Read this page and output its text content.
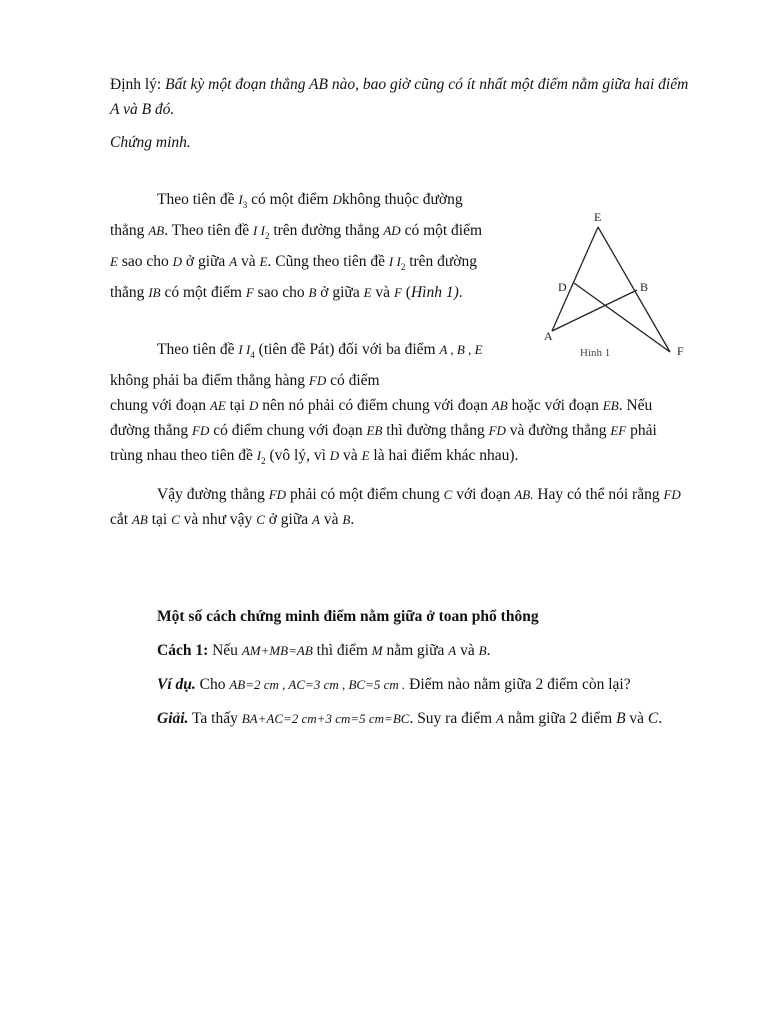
Định lý: Bất kỳ một đoạn thẳng AB nào, bao giờ cũng có ít nhất một điểm nằm giữa hai điểm A và B đó.

Chứng minh.

Theo tiên đề $I_3$ có một điểm Dkhông thuộc đường thẳng AB. Theo tiên đề I $I_2$ trên đường thẳng AD có một điểm E sao cho D ở giữa A và E. Cũng theo tiên đề I $I_2$ trên đường thẳng IB có một điểm F sao cho B ở giữa E và F (Hình 1).

Theo tiên đề I $I_4$ (tiên đề Pát) đối với ba điểm A , B , E không phải ba điểm thẳng hàng FD có điểm

chung với đoạn AE tại D nên nó phải có điểm chung với đoạn AB hoặc với đoạn EB. Nếu đường thẳng FD có điểm chung với đoạn EB thì đường thẳng FD và đường thẳng EF phải trùng nhau theo tiên đề $I_2$ (vô lý, vì D và E là hai điểm khác nhau).

Vậy đường thẳng FD phải có một điểm chung C với đoạn AB. Hay có thể nói rằng FD cắt AB tại C và như vậy C ở giữa A và B.

Một số cách chứng minh điểm nằm giữa ở toan phổ thông

Cách 1: Nếu AM+MB=AB thì điểm M nằm giữa A và B.

Ví dụ. Cho AB=2 cm , AC=3 cm , BC=5 cm . Điểm nào nằm giữa 2 điểm còn lại?

Giải. Ta thấy BA+AC=2 cm+3 cm=5 cm=BC. Suy ra điểm A nằm giữa 2 điểm B và C.

E
D	B
A
F
Hình 1
